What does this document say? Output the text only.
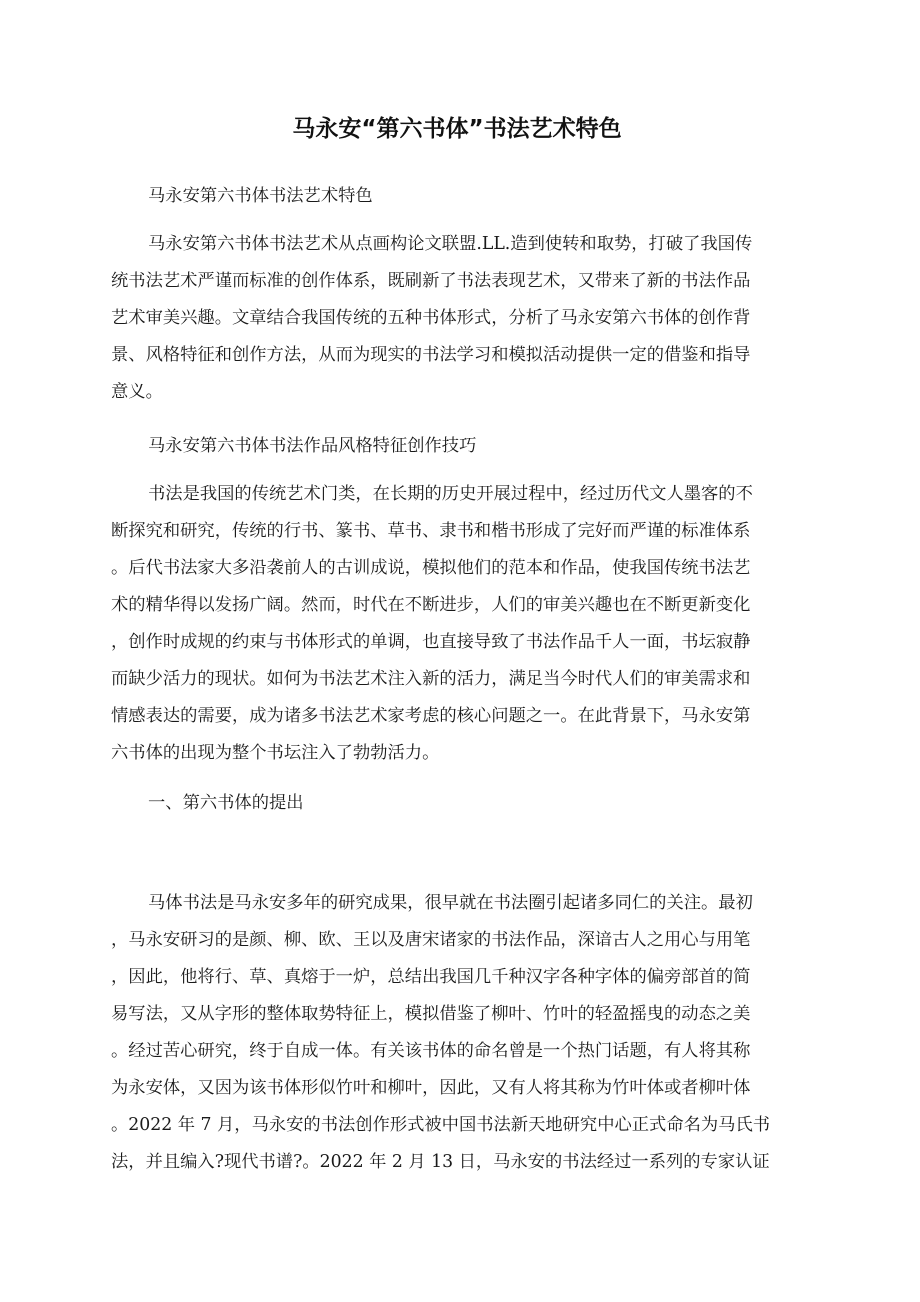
马永安“第六书体”书法艺术特色
马永安第六书体书法艺术特色
马永安第六书体书法艺术从点画构论文联盟.LL.造到使转和取势，打破了我国传
统书法艺术严谨而标准的创作体系，既刷新了书法表现艺术，又带来了新的书法作品
艺术审美兴趣。文章结合我国传统的五种书体形式，分析了马永安第六书体的创作背
景、风格特征和创作方法，从而为现实的书法学习和模拟活动提供一定的借鉴和指导
意义。
马永安第六书体书法作品风格特征创作技巧
书法是我国的传统艺术门类，在长期的历史开展过程中，经过历代文人墨客的不
断探究和研究，传统的行书、篆书、草书、隶书和楷书形成了完好而严谨的标准体系
。后代书法家大多沿袭前人的古训成说，模拟他们的范本和作品，使我国传统书法艺
术的精华得以发扬广阔。然而，时代在不断进步，人们的审美兴趣也在不断更新变化
，创作时成规的约束与书体形式的单调，也直接导致了书法作品千人一面，书坛寂静
而缺少活力的现状。如何为书法艺术注入新的活力，满足当今时代人们的审美需求和
情感表达的需要，成为诸多书法艺术家考虑的核心问题之一。在此背景下，马永安第
六书体的出现为整个书坛注入了勃勃活力。
一、第六书体的提出
马体书法是马永安多年的研究成果，很早就在书法圈引起诸多同仁的关注。最初
，马永安研习的是颜、柳、欧、王以及唐宋诸家的书法作品，深谙古人之用心与用笔
，因此，他将行、草、真熔于一炉，总结出我国几千种汉字各种字体的偏旁部首的简
易写法，又从字形的整体取势特征上，模拟借鉴了柳叶、竹叶的轻盈摇曳的动态之美
。经过苦心研究，终于自成一体。有关该书体的命名曾是一个热门话题，有人将其称
为永安体，又因为该书体形似竹叶和柳叶，因此，又有人将其称为竹叶体或者柳叶体
。2022 年 7 月，马永安的书法创作形式被中国书法新天地研究中心正式命名为马氏书
法，并且编入?现代书谱?。2022 年 2 月 13 日，马永安的书法经过一系列的专家认证
